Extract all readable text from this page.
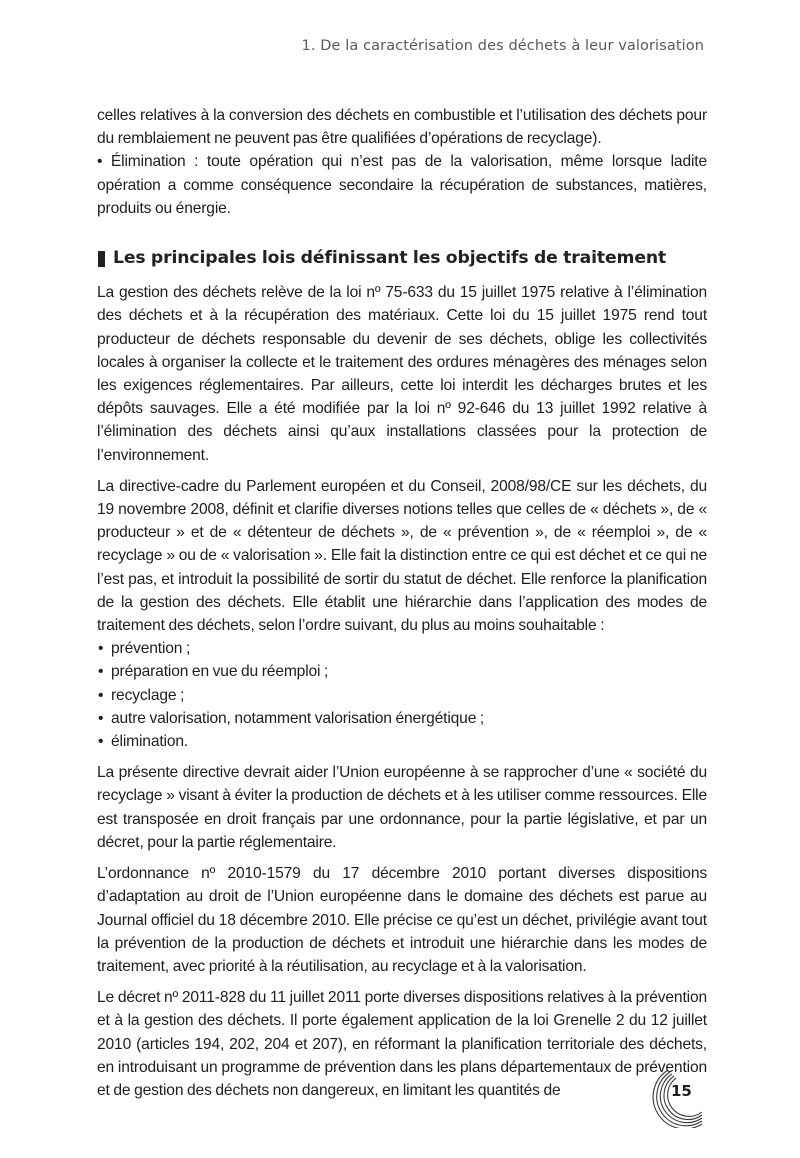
1. De la caractérisation des déchets à leur valorisation

celles relatives à la conversion des déchets en combustible et l’utilisation des déchets pour du remblaiement ne peuvent pas être qualifiées d’opérations de recyclage).

• Élimination : toute opération qui n’est pas de la valorisation, même lorsque ladite opération a comme conséquence secondaire la récupération de substances, matières, produits ou énergie.

Les principales lois définissant les objectifs de traitement

La gestion des déchets relève de la loi nº 75-633 du 15 juillet 1975 relative à l’élimination des déchets et à la récupération des matériaux. Cette loi du 15 juillet 1975 rend tout producteur de déchets responsable du devenir de ses déchets, oblige les collectivités locales à organiser la collecte et le traitement des ordures ménagères des ménages selon les exigences réglementaires. Par ailleurs, cette loi interdit les décharges brutes et les dépôts sauvages. Elle a été modifiée par la loi nº 92-646 du 13 juillet 1992 relative à l’élimination des déchets ainsi qu’aux installations classées pour la protection de l’environnement.

La directive-cadre du Parlement européen et du Conseil, 2008/98/CE sur les déchets, du 19 novembre 2008, définit et clarifie diverses notions telles que celles de « déchets », de « producteur » et de « détenteur de déchets », de « prévention », de « réemploi », de « recyclage » ou de « valorisation ». Elle fait la distinction entre ce qui est déchet et ce qui ne l’est pas, et introduit la possibilité de sortir du statut de déchet. Elle renforce la planification de la gestion des déchets. Elle établit une hiérarchie dans l’application des modes de traitement des déchets, selon l’ordre suivant, du plus au moins souhaitable :

• prévention ;
• préparation en vue du réemploi ;
• recyclage ;
• autre valorisation, notamment valorisation énergétique ;
• élimination.

La présente directive devrait aider l’Union européenne à se rapprocher d’une « société du recyclage » visant à éviter la production de déchets et à les utiliser comme ressources. Elle est transposée en droit français par une ordonnance, pour la partie législative, et par un décret, pour la partie réglementaire.

L’ordonnance nº 2010-1579 du 17 décembre 2010 portant diverses dispositions d’adaptation au droit de l’Union européenne dans le domaine des déchets est parue au Journal officiel du 18 décembre 2010. Elle précise ce qu’est un déchet, privilégie avant tout la prévention de la production de déchets et introduit une hiérarchie dans les modes de traitement, avec priorité à la réutilisation, au recyclage et à la valorisation.

Le décret nº 2011-828 du 11 juillet 2011 porte diverses dispositions relatives à la prévention et à la gestion des déchets. Il porte également application de la loi Grenelle 2 du 12 juillet 2010 (articles 194, 202, 204 et 207), en réformant la planification territoriale des déchets, en introduisant un programme de prévention dans les plans départementaux de prévention et de gestion des déchets non dangereux, en limitant les quantités de	15
